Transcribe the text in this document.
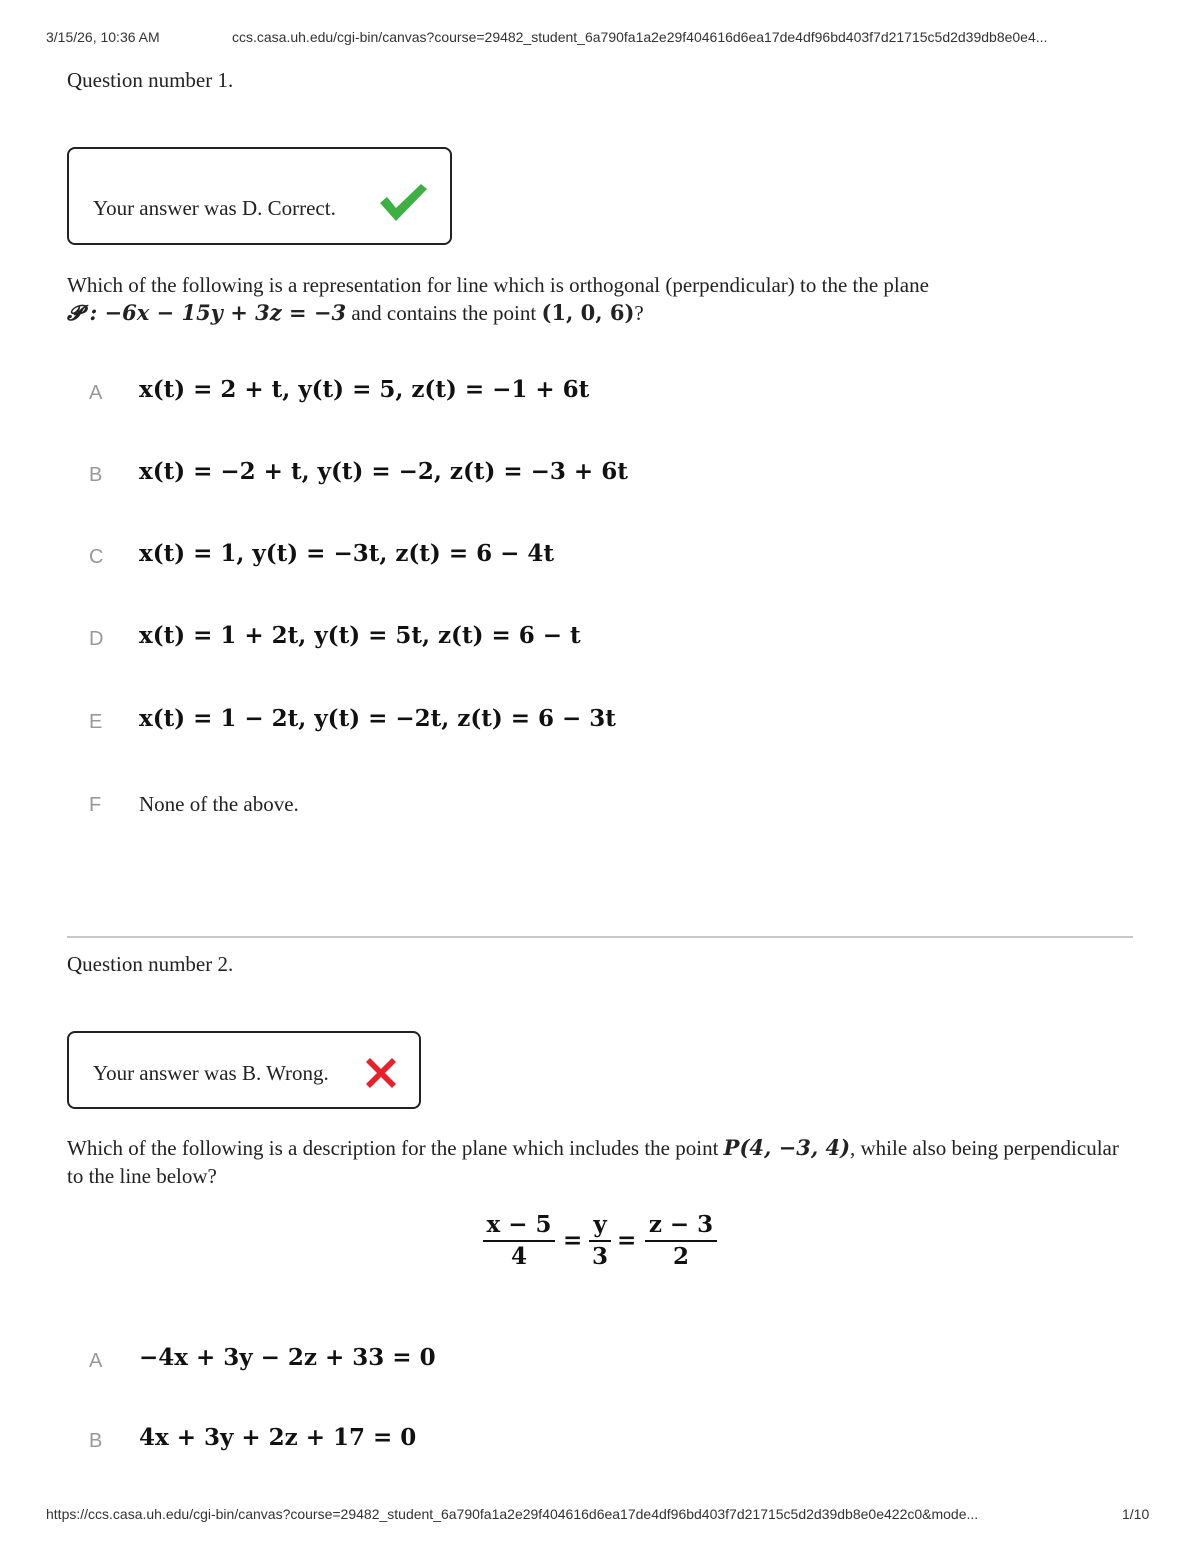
3/15/26, 10:36 AM	ccs.casa.uh.edu/cgi-bin/canvas?course=29482_student_6a790fa1a2e29f404616d6ea17de4df96bd403f7d21715c5d2d39db8e0e4...
Question number 1.
Your answer was D. Correct.
Which of the following is a representation for line which is orthogonal (perpendicular) to the the plane
𝓟 : −6x − 15y + 3z = −3 and contains the point (1, 0, 6)?
A x(t) = 2 + t, y(t) = 5, z(t) = −1 + 6t
B x(t) = −2 + t, y(t) = −2, z(t) = −3 + 6t
C x(t) = 1, y(t) = −3t, z(t) = 6 − 4t
D x(t) = 1 + 2t, y(t) = 5t, z(t) = 6 − t
E x(t) = 1 − 2t, y(t) = −2t, z(t) = 6 − 3t
F	None of the above.
Question number 2.
Your answer was B. Wrong.
Which of the following is a description for the plane which includes the point P(4, −3, 4), while also being perpendicular to the line below?
x − 5
4
=
y
3
=
z − 3
2
A −4x + 3y − 2z + 33 = 0
B 4x + 3y + 2z + 17 = 0
https://ccs.casa.uh.edu/cgi-bin/canvas?course=29482_student_6a790fa1a2e29f404616d6ea17de4df96bd403f7d21715c5d2d39db8e0e422c0&mode...	1/10
